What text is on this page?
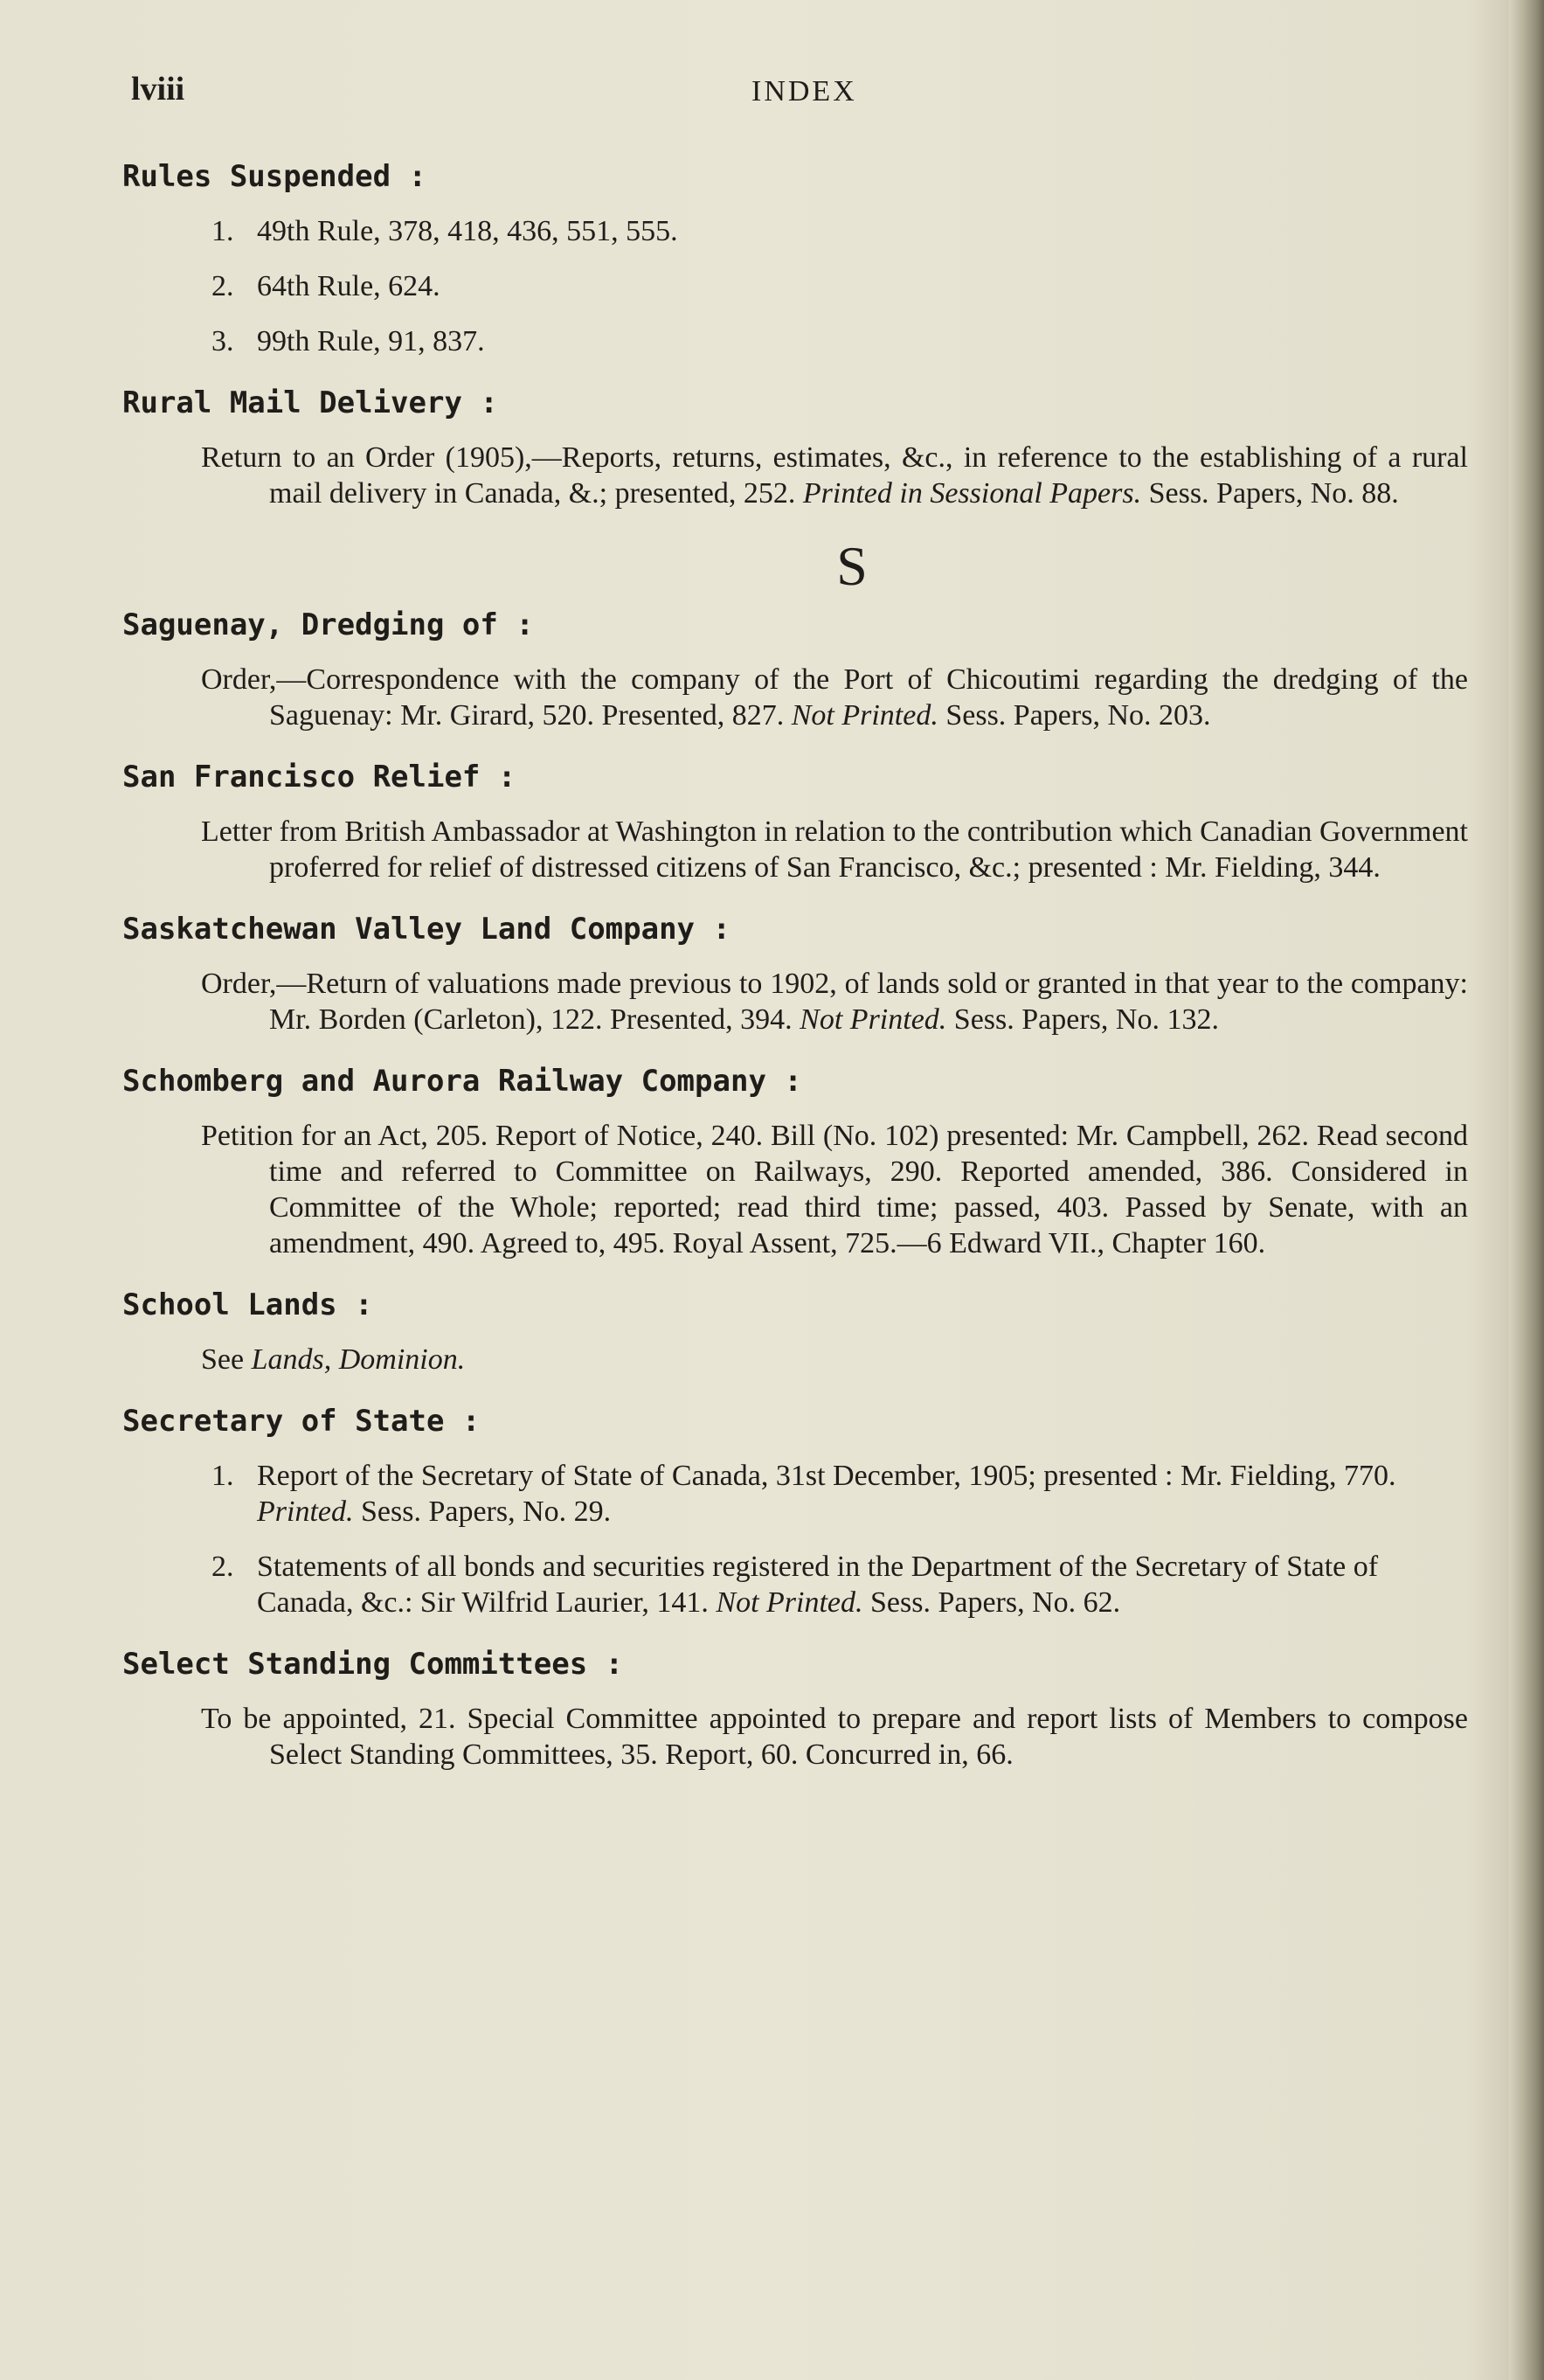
lviii	INDEX
Rules Suspended :
1. 49th Rule, 378, 418, 436, 551, 555.
2. 64th Rule, 624.
3. 99th Rule, 91, 837.
Rural Mail Delivery :
Return to an Order (1905),—Reports, returns, estimates, &c., in reference to the establishing of a rural mail delivery in Canada, &.; presented, 252. Printed in Sessional Papers. Sess. Papers, No. 88.
S
Saguenay, Dredging of :
Order,—Correspondence with the company of the Port of Chicoutimi regarding the dredging of the Saguenay: Mr. Girard, 520. Presented, 827. Not Printed. Sess. Papers, No. 203.
San Francisco Relief :
Letter from British Ambassador at Washington in relation to the contribution which Canadian Government proferred for relief of distressed citizens of San Francisco, &c.; presented : Mr. Fielding, 344.
Saskatchewan Valley Land Company :
Order,—Return of valuations made previous to 1902, of lands sold or granted in that year to the company: Mr. Borden (Carleton), 122. Presented, 394. Not Printed. Sess. Papers, No. 132.
Schomberg and Aurora Railway Company :
Petition for an Act, 205. Report of Notice, 240. Bill (No. 102) presented: Mr. Campbell, 262. Read second time and referred to Committee on Railways, 290. Reported amended, 386. Considered in Committee of the Whole; reported; read third time; passed, 403. Passed by Senate, with an amendment, 490. Agreed to, 495. Royal Assent, 725.—6 Edward VII., Chapter 160.
School Lands :
See Lands, Dominion.
Secretary of State :
1. Report of the Secretary of State of Canada, 31st December, 1905; presented : Mr. Fielding, 770. Printed. Sess. Papers, No. 29.
2. Statements of all bonds and securities registered in the Department of the Secretary of State of Canada, &c.: Sir Wilfrid Laurier, 141. Not Printed. Sess. Papers, No. 62.
Select Standing Committees :
To be appointed, 21. Special Committee appointed to prepare and report lists of Members to compose Select Standing Committees, 35. Report, 60. Concurred in, 66.
